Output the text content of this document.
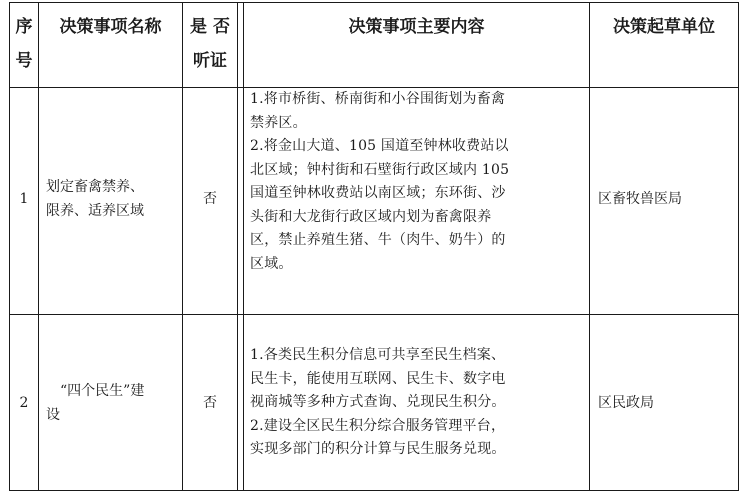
序
号
决策事项名称	是 否
听证
决策事项主要内容	决策起草单位
1
划定畜禽禁养、
限养、适养区域
否
1.将市桥街、桥南街和小谷围街划为畜禽
禁养区。
2.将金山大道、105 国道至钟林收费站以
北区域；钟村街和石壁街行政区域内 105
国道至钟林收费站以南区域；东环街、沙
头街和大龙街行政区域内划为畜禽限养
区，禁止养殖生猪、牛（肉牛、奶牛）的
区域。
区畜牧兽医局
2
“四个民生”建
设
否
1.各类民生积分信息可共享至民生档案、
民生卡，能使用互联网、民生卡、数字电
视商城等多种方式查询、兑现民生积分。
2.建设全区民生积分综合服务管理平台，
实现多部门的积分计算与民生服务兑现。
区民政局
